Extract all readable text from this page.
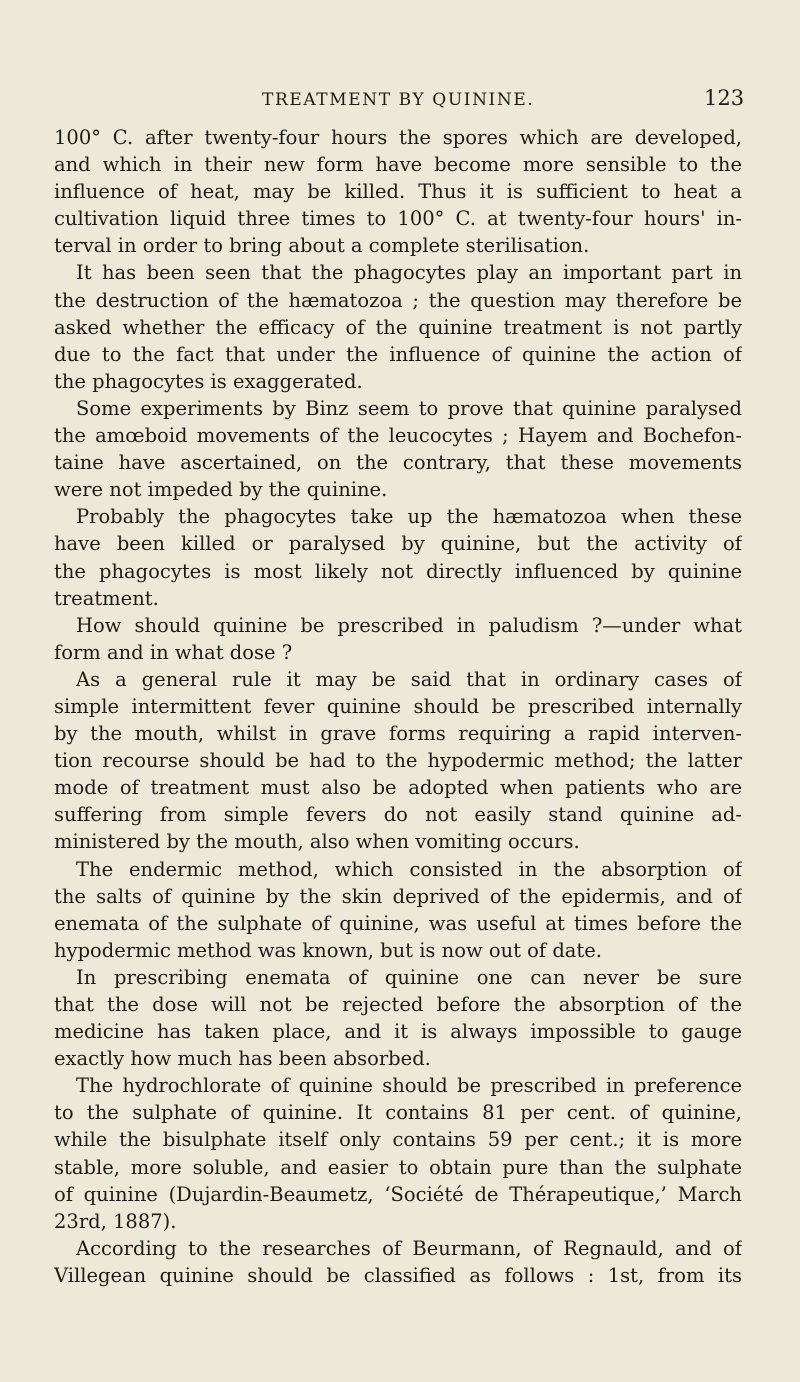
TREATMENT BY QUININE.	123
100° C. after twenty-four hours the spores which are developed,
and which in their new form have become more sensible to the
influence of heat, may be killed. Thus it is sufficient to heat a
cultivation liquid three times to 100° C. at twenty-four hours' in-
terval in order to bring about a complete sterilisation.
It has been seen that the phagocytes play an important part in
the destruction of the hæmatozoa ; the question may therefore be
asked whether the efficacy of the quinine treatment is not partly
due to the fact that under the influence of quinine the action of
the phagocytes is exaggerated.
Some experiments by Binz seem to prove that quinine paralysed
the amœboid movements of the leucocytes ; Hayem and Bochefon-
taine have ascertained, on the contrary, that these movements
were not impeded by the quinine.
Probably the phagocytes take up the hæmatozoa when these
have been killed or paralysed by quinine, but the activity of
the phagocytes is most likely not directly influenced by quinine
treatment.
How should quinine be prescribed in paludism ?—under what
form and in what dose ?
As a general rule it may be said that in ordinary cases of
simple intermittent fever quinine should be prescribed internally
by the mouth, whilst in grave forms requiring a rapid interven-
tion recourse should be had to the hypodermic method; the latter
mode of treatment must also be adopted when patients who are
suffering from simple fevers do not easily stand quinine ad-
ministered by the mouth, also when vomiting occurs.
The endermic method, which consisted in the absorption of
the salts of quinine by the skin deprived of the epidermis, and of
enemata of the sulphate of quinine, was useful at times before the
hypodermic method was known, but is now out of date.
In prescribing enemata of quinine one can never be sure
that the dose will not be rejected before the absorption of the
medicine has taken place, and it is always impossible to gauge
exactly how much has been absorbed.
The hydrochlorate of quinine should be prescribed in preference
to the sulphate of quinine. It contains 81 per cent. of quinine,
while the bisulphate itself only contains 59 per cent.; it is more
stable, more soluble, and easier to obtain pure than the sulphate
of quinine (Dujardin-Beaumetz, ‘Société de Thérapeutique,’ March
23rd, 1887).
According to the researches of Beurmann, of Regnauld, and of
Villegean quinine should be classified as follows : 1st, from its
